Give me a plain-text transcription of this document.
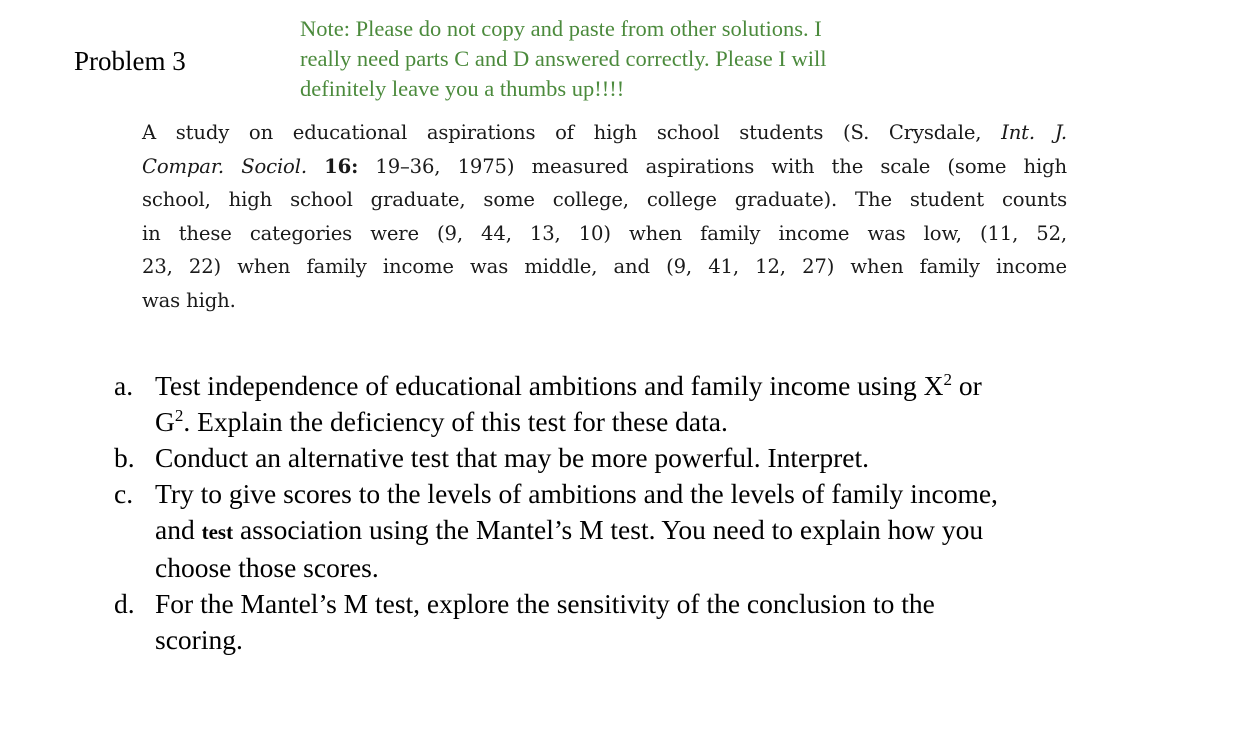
Problem 3
Note: Please do not copy and paste from other solutions. I
really need parts C and D answered correctly. Please I will
definitely leave you a thumbs up!!!!
A study on educational aspirations of high school students (S. Crysdale, Int. J.
Compar. Sociol. 16: 19–36, 1975) measured aspirations with the scale (some high
school, high school graduate, some college, college graduate). The student counts
in these categories were (9, 44, 13, 10) when family income was low, (11, 52,
23, 22) when family income was middle, and (9, 41, 12, 27) when family income
was high.
a. Test independence of educational ambitions and family income using $X^2$ or
$G^2$. Explain the deficiency of this test for these data.
b. Conduct an alternative test that may be more powerful. Interpret.
c. Try to give scores to the levels of ambitions and the levels of family income,
and test association using the Mantel’s M test. You need to explain how you
choose those scores.
d. For the Mantel’s M test, explore the sensitivity of the conclusion to the
scoring.
